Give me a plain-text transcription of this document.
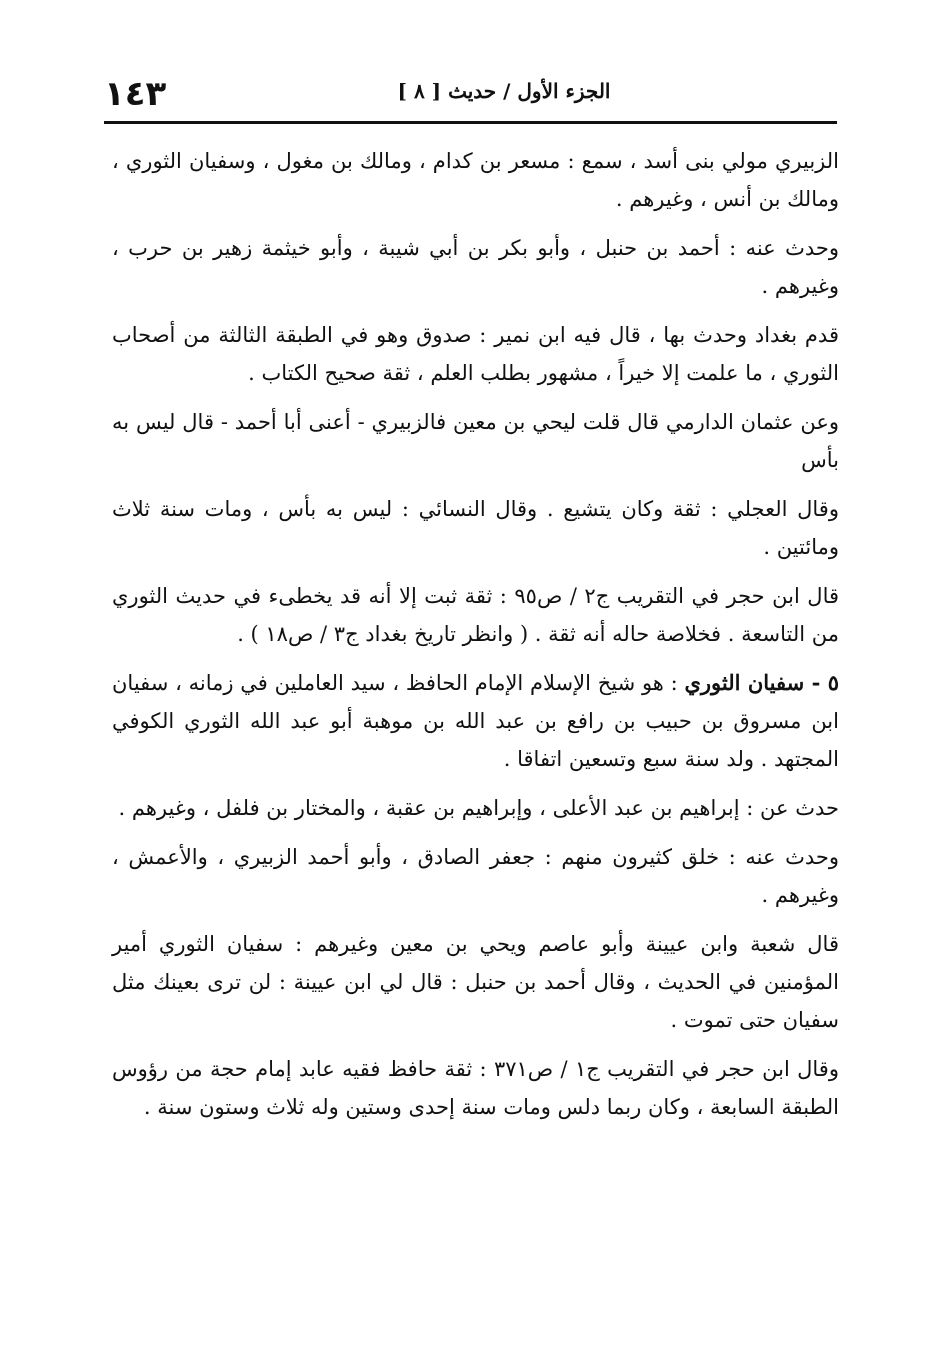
١٤٣	الجزء الأول / حديث [ ٨ ]

الزبيري مولي بنى أسد ، سمع : مسعر بن كدام ، ومالك بن مغول ، وسفيان الثوري ، ومالك بن أنس ، وغيرهم .

وحدث عنه : أحمد بن حنبل ، وأبو بكر بن أبي شيبة ، وأبو خيثمة زهير بن حرب ، وغيرهم .

قدم بغداد وحدث بها ، قال فيه ابن نمير : صدوق وهو في الطبقة الثالثة من أصحاب الثوري ، ما علمت إلا خيراً ، مشهور بطلب العلم ، ثقة صحيح الكتاب .

وعن عثمان الدارمي قال قلت ليحي بن معين فالزبيري - أعنى أبا أحمد - قال ليس به بأس

وقال العجلي : ثقة وكان يتشيع . وقال النسائي : ليس به بأس ، ومات سنة ثلاث ومائتين .

قال ابن حجر في التقريب ج٢ / ص٩٥ : ثقة ثبت إلا أنه قد يخطىء في حديث الثوري من التاسعة . فخلاصة حاله أنه ثقة . ( وانظر تاريخ بغداد ج٣ / ص١٨ ) .

٥ - سفيان الثوري : هو شيخ الإسلام الإمام الحافظ ، سيد العاملين في زمانه ، سفيان ابن مسروق بن حبيب بن رافع بن عبد الله بن موهبة أبو عبد الله الثوري الكوفي المجتهد . ولد سنة سبع وتسعين اتفاقا .

حدث عن : إبراهيم بن عبد الأعلى ، وإبراهيم بن عقبة ، والمختار بن فلفل ، وغيرهم .

وحدث عنه : خلق كثيرون منهم : جعفر الصادق ، وأبو أحمد الزبيري ، والأعمش ، وغيرهم .

قال شعبة وابن عيينة وأبو عاصم ويحي بن معين وغيرهم : سفيان الثوري أمير المؤمنين في الحديث ، وقال أحمد بن حنبل : قال لي ابن عيينة : لن ترى بعينك مثل سفيان حتى تموت .

وقال ابن حجر في التقريب ج١ / ص٣٧١ : ثقة حافظ فقيه عابد إمام حجة من رؤوس الطبقة السابعة ، وكان ربما دلس ومات سنة إحدى وستين وله ثلاث وستون سنة .
